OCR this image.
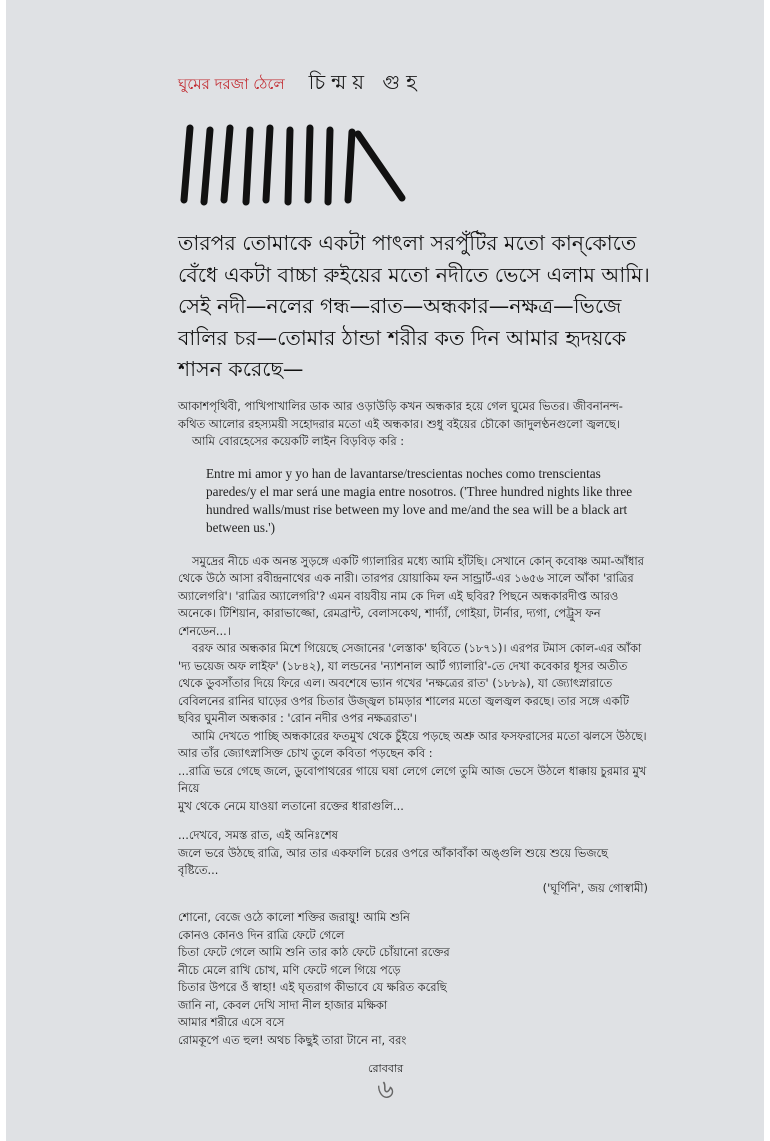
ঘুমের দরজা ঠেলে চিন্ময় গুহ

তারপর তোমাকে একটা পাৎলা সরপুঁটির মতো কান্‌কোতে

বেঁধে একটা বাচ্চা রুইয়ের মতো নদীতে ভেসে এলাম আমি।

সেই নদী—নলের গন্ধ—রাত—অন্ধকার—নক্ষত্র—ভিজে

বালির চর—তোমার ঠান্ডা শরীর কত দিন আমার হৃদয়কে

শাসন করেছে—

আকাশপৃথিবী, পাখিপাখালির ডাক আর ওড়াউড়ি কখন অন্ধকার হয়ে গেল ঘুমের ভিতর। জীবনানন্দ-কথিত আলোর রহস্যময়ী সহোদরার মতো এই অন্ধকার। শুধু বইয়ের চৌকো জাদুলণ্ঠনগুলো জ্বলছে।

আমি বোরহেসের কয়েকটি লাইন বিড়বিড় করি :

Entre mi amor y yo han de lavantarse/trescientas noches como trenscientas paredes/y el mar será une magia entre nosotros. ('Three hundred nights like three hundred walls/must rise between my love and me/and the sea will be a black art between us.')

সমুদ্রের নীচে এক অনন্ত সুড়ঙ্গে একটি গ্যালারির মধ্যে আমি হাঁটছি। সেখানে কোন্ কবোষ্ণ অমা-আঁধার থেকে উঠে আসা রবীন্দ্রনাথের এক নারী। তারপর য়োয়াকিম ফন সান্ড্রার্ট-এর ১৬৫৬ সালে আঁকা 'রাত্রির অ্যালেগরি'। 'রাত্রির অ্যালেগরি'? এমন বায়বীয় নাম কে দিল এই ছবির? পিছনে অন্ধকারদীপ্ত আরও অনেকে। টিশিয়ান, কারাভাজ্জো, রেমব্রান্ট, বেলাসকেথ, শার্দ্যাঁ, গোইয়া, টার্নার, দ্যগা, পেট্রুস ফন শেনডেন...।

বরফ আর অন্ধকার মিশে গিয়েছে সেজানের 'লেস্তাক' ছবিতে (১৮৭১)। এরপর টমাস কোল-এর আঁকা 'দ্য ভয়েজ অফ লাইফ' (১৮৪২), যা লন্ডনের 'ন্যাশনাল আর্ট গ্যালারি'-তে দেখা কবেকার ধূসর অতীত থেকে ডুবসাঁতার দিয়ে ফিরে এল। অবশেষে ভ্যান গখের 'নক্ষত্রের রাত' (১৮৮৯), যা জ্যোৎস্নারাতে বেবিলনের রানির ঘাড়ের ওপর চিতার উজ্জ্বল চামড়ার শালের মতো জ্বলজ্বল করছে। তার সঙ্গে একটি ছবির ঘুমনীল অন্ধকার : 'রোন নদীর ওপর নক্ষত্ররাত'।

আমি দেখতে পাচ্ছি অন্ধকারের ফতমুখ থেকে চুঁইয়ে পড়ছে অশ্রু আর ফসফরাসের মতো ঝলসে উঠছে। আর তাঁর জ্যোৎস্নাসিক্ত চোখ তুলে কবিতা পড়ছেন কবি :

...রাত্রি ভরে গেছে জলে, ডুবোপাথরের গায়ে ঘষা লেগে লেগে তুমি আজ ভেসে উঠলে ধাক্কায় চুরমার মুখ

নিয়ে

মুখ থেকে নেমে যাওয়া লতানো রক্তের ধারাগুলি...

...দেখবে, সমস্ত রাত, এই অনিঃশেষ

জলে ভরে উঠছে রাত্রি, আর তার একফালি চরের ওপরে আঁকাবাঁকা অঙ্গুলি শুয়ে শুয়ে ভিজছে বৃষ্টিতে...

('ঘূর্ণিনি', জয় গোস্বামী)

শোনো, বেজে ওঠে কালো শক্তির জরায়ু! আমি শুনি

কোনও কোনও দিন রাত্রি ফেটে গেলে

চিতা ফেটে গেলে আমি শুনি তার কাঠ ফেটে চোঁয়ানো রক্তের

নীচে মেলে রাখি চোখ, মণি ফেটে গলে গিয়ে পড়ে

চিতার উপরে ওঁ স্বাহা! এই ঘৃতরাগ কীভাবে যে ক্ষরিত করেছি

জানি না, কেবল দেখি সাদা নীল হাজার মক্ষিকা

আমার শরীরে এসে বসে

রোমকূপে এত হুল! অথচ কিছুই তারা টানে না, বরং

রোববার
৬
